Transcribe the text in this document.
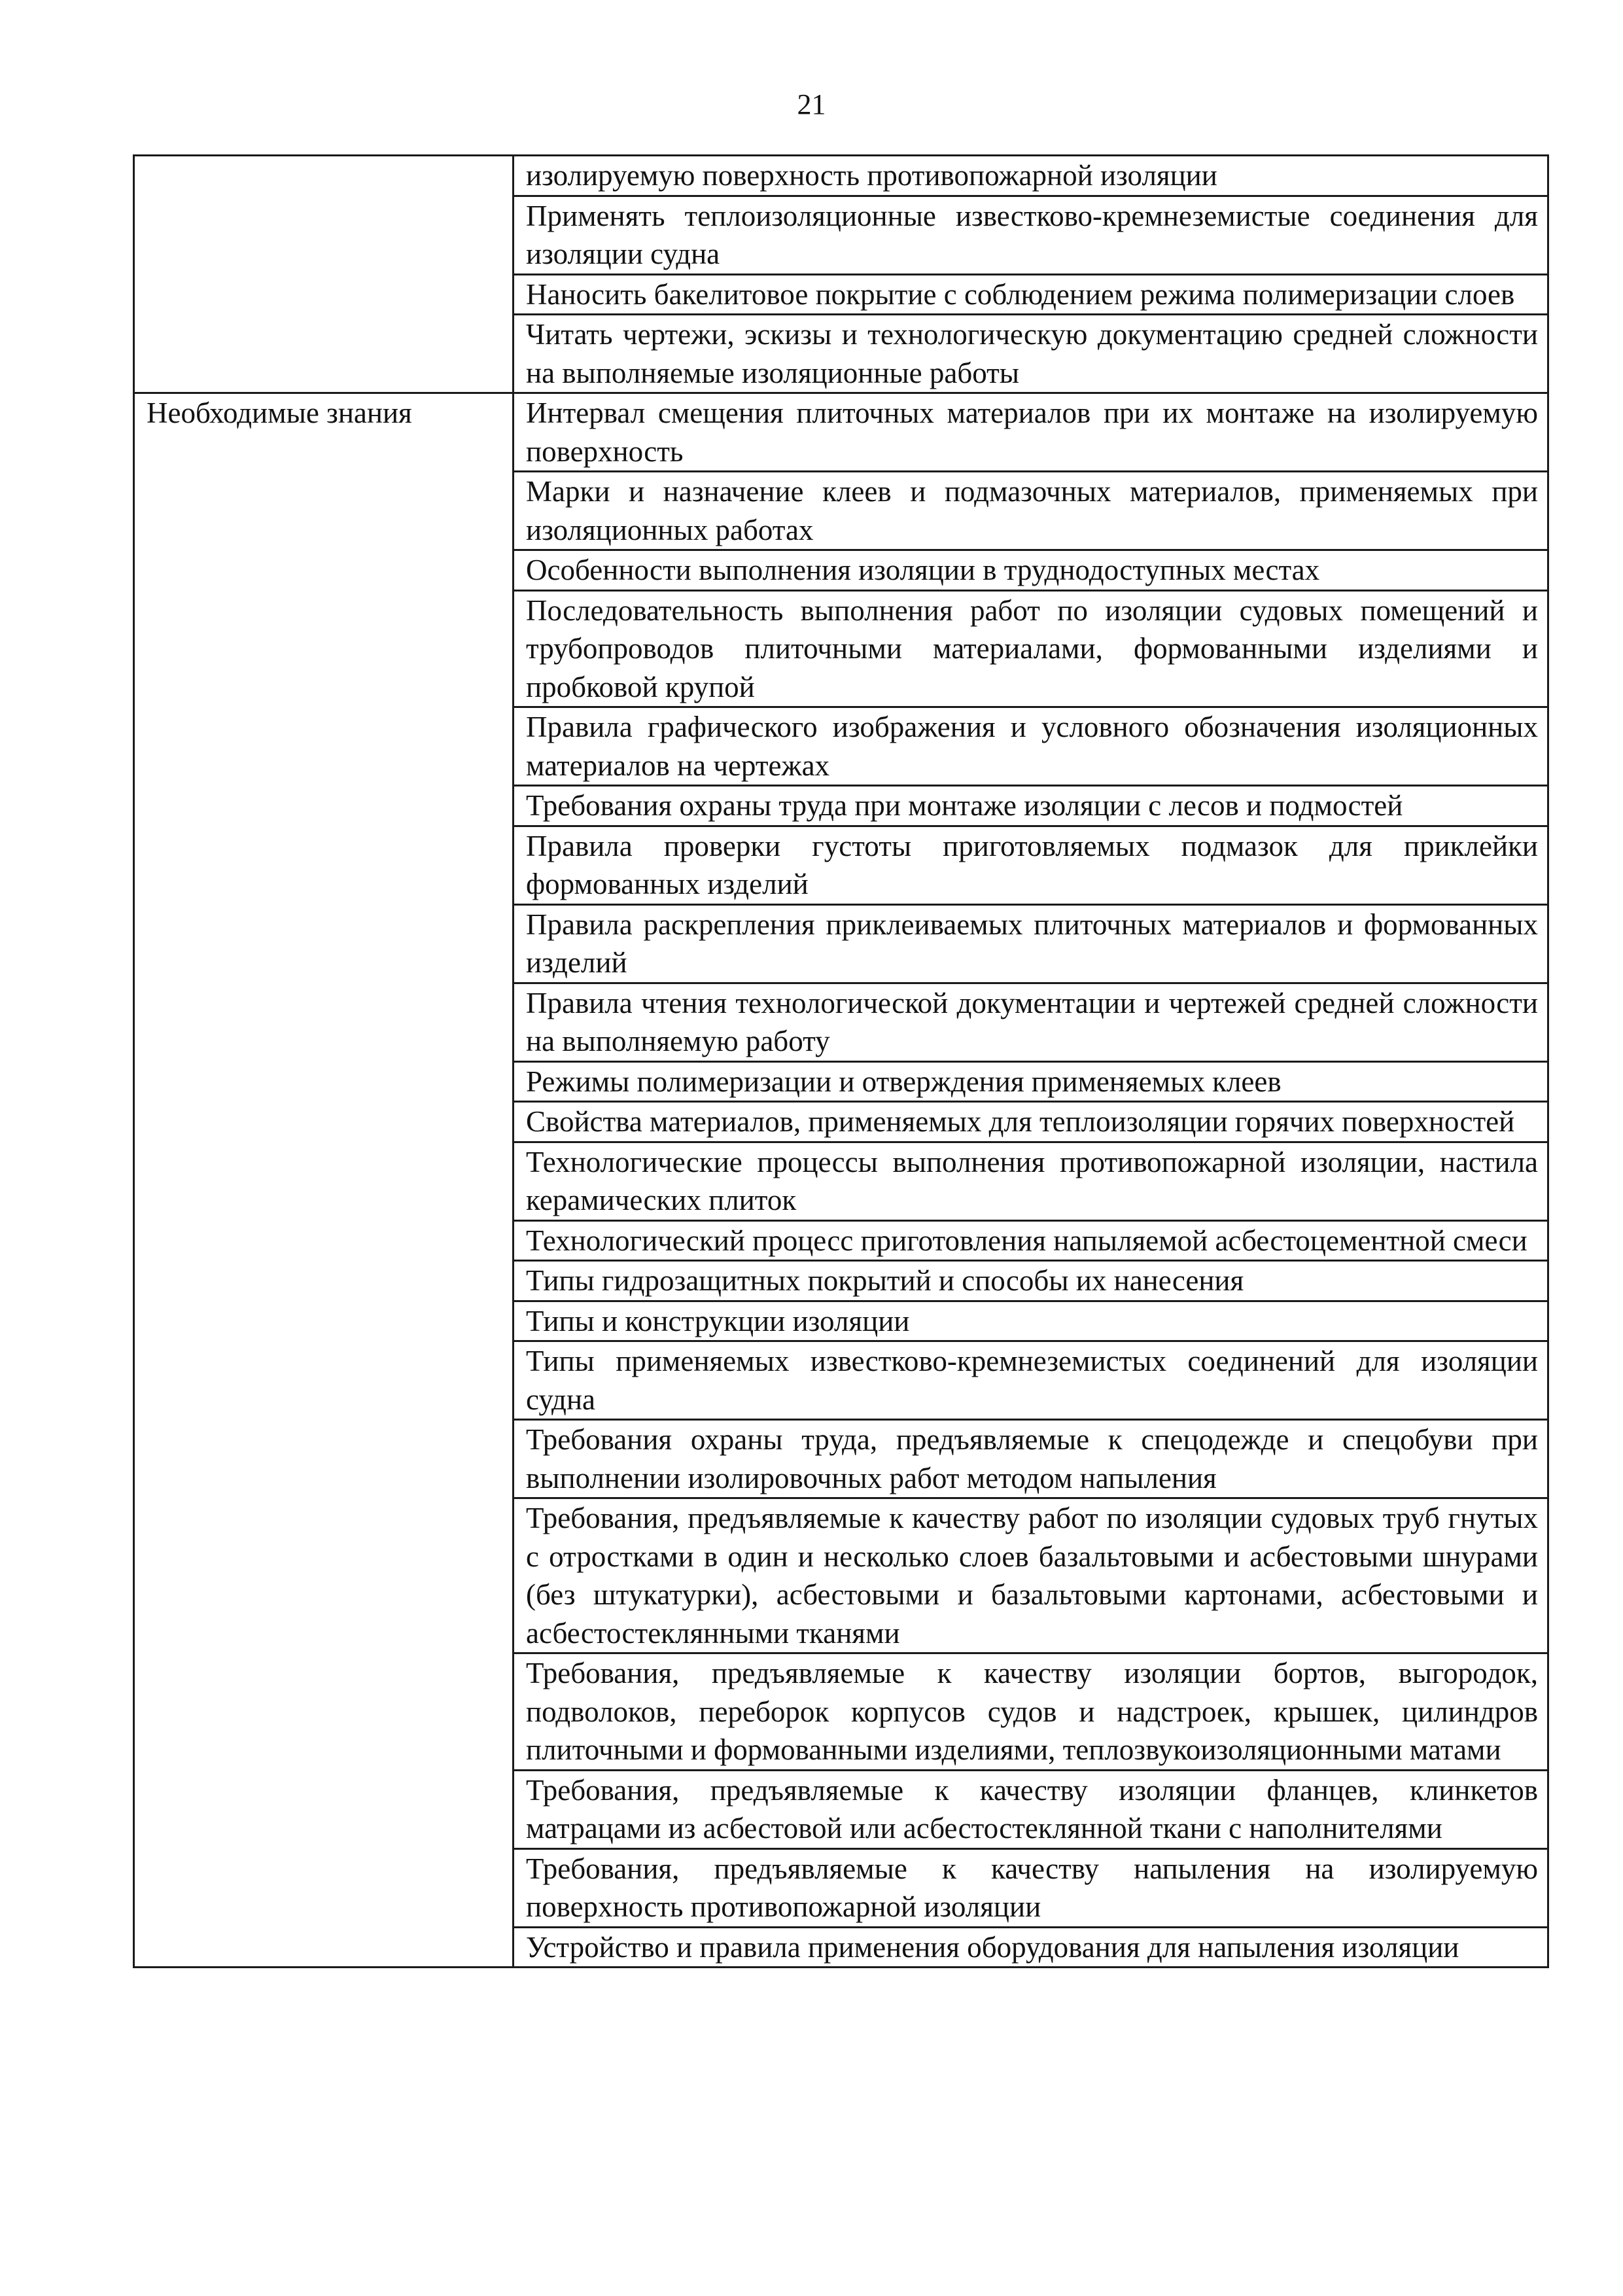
21
	изолируемую поверхность противопожарной изоляции
	Применять теплоизоляционные известково-кремнеземистые соединения для изоляции судна
	Наносить бакелитовое покрытие с соблюдением режима полимеризации слоев
	Читать чертежи, эскизы и технологическую документацию средней сложности на выполняемые изоляционные работы
Необходимые знания	Интервал смещения плиточных материалов при их монтаже на изолируемую поверхность
	Марки и назначение клеев и подмазочных материалов, применяемых при изоляционных работах
	Особенности выполнения изоляции в труднодоступных местах
	Последовательность выполнения работ по изоляции судовых помещений и трубопроводов плиточными материалами, формованными изделиями и пробковой крупой
	Правила графического изображения и условного обозначения изоляционных материалов на чертежах
	Требования охраны труда при монтаже изоляции с лесов и подмостей
	Правила проверки густоты приготовляемых подмазок для приклейки формованных изделий
	Правила раскрепления приклеиваемых плиточных материалов и формованных изделий
	Правила чтения технологической документации и чертежей средней сложности на выполняемую работу
	Режимы полимеризации и отверждения применяемых клеев
	Свойства материалов, применяемых для теплоизоляции горячих поверхностей
	Технологические процессы выполнения противопожарной изоляции, настила керамических плиток
	Технологический процесс приготовления напыляемой асбестоцементной смеси
	Типы гидрозащитных покрытий и способы их нанесения
	Типы и конструкции изоляции
	Типы применяемых известково-кремнеземистых соединений для изоляции судна
	Требования охраны труда, предъявляемые к спецодежде и спецобуви при выполнении изолировочных работ методом напыления
	Требования, предъявляемые к качеству работ по изоляции судовых труб гнутых с отростками в один и несколько слоев базальтовыми и асбестовыми шнурами (без штукатурки), асбестовыми и базальтовыми картонами, асбестовыми и асбестостеклянными тканями
	Требования, предъявляемые к качеству изоляции бортов, выгородок, подволоков, переборок корпусов судов и надстроек, крышек, цилиндров плиточными и формованными изделиями, теплозвукоизоляционными матами
	Требования, предъявляемые к качеству изоляции фланцев, клинкетов матрацами из асбестовой или асбестостеклянной ткани с наполнителями
	Требования, предъявляемые к качеству напыления на изолируемую поверхность противопожарной изоляции
	Устройство и правила применения оборудования для напыления изоляции
